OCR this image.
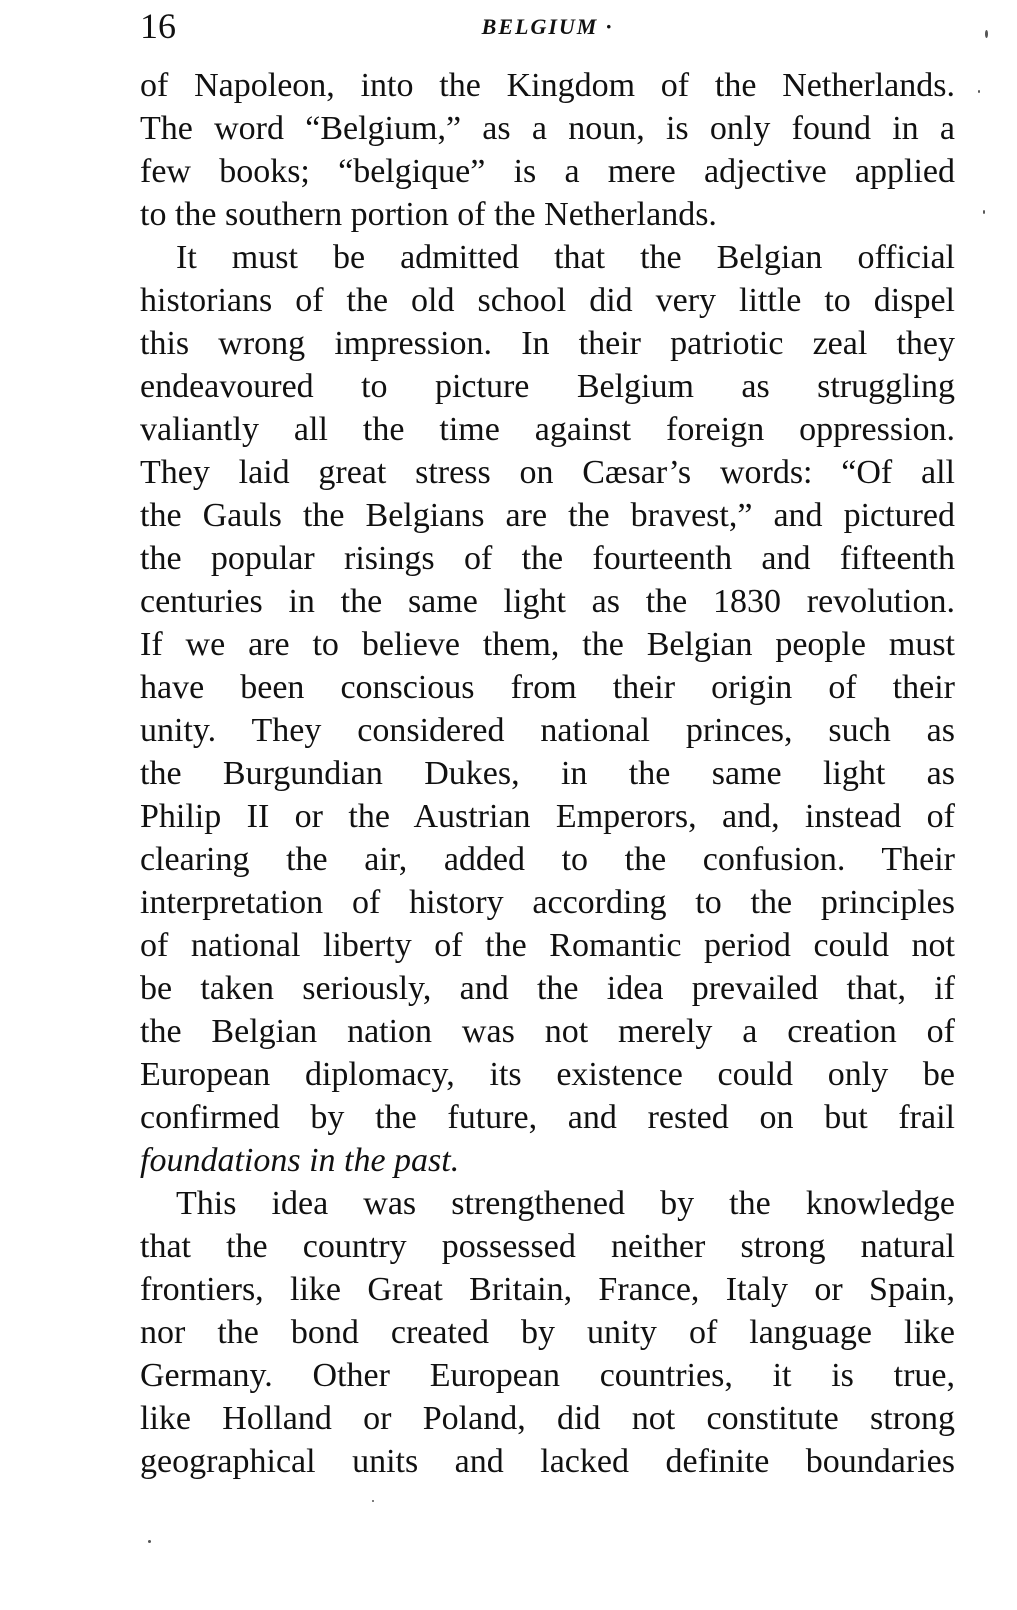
16	BELGIUM ·
of Napoleon, into the Kingdom of the Netherlands.
The word “Belgium,” as a noun, is only found in a
few books; “belgique” is a mere adjective applied
to the southern portion of the Netherlands.
It must be admitted that the Belgian official
historians of the old school did very little to dispel
this wrong impression. In their patriotic zeal they
endeavoured to picture Belgium as struggling
valiantly all the time against foreign oppression.
They laid great stress on Cæsar’s words: “Of all
the Gauls the Belgians are the bravest,” and pictured
the popular risings of the fourteenth and fifteenth
centuries in the same light as the 1830 revolution.
If we are to believe them, the Belgian people must
have been conscious from their origin of their
unity. They considered national princes, such as
the Burgundian Dukes, in the same light as
Philip II or the Austrian Emperors, and, instead of
clearing the air, added to the confusion. Their
interpretation of history according to the principles
of national liberty of the Romantic period could not
be taken seriously, and the idea prevailed that, if
the Belgian nation was not merely a creation of
European diplomacy, its existence could only be
confirmed by the future, and rested on but frail
foundations in the past.
This idea was strengthened by the knowledge
that the country possessed neither strong natural
frontiers, like Great Britain, France, Italy or Spain,
nor the bond created by unity of language like
Germany. Other European countries, it is true,
like Holland or Poland, did not constitute strong
geographical units and lacked definite boundaries
